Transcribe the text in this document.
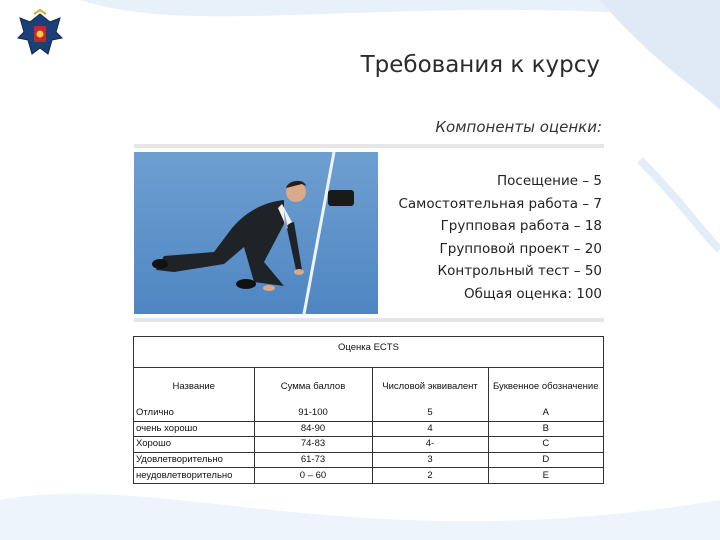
Требования к курсу
Компоненты оценки:
Посещение – 5
Самостоятельная работа – 7
Групповая работа – 18
Групповой проект – 20
Контрольный тест – 50
Общая оценка: 100
Оценка ECTS
Название	Сумма баллов	Числовой эквивалент	Буквенное обозначение
Отлично	91-100	5	A
очень хорошо	84-90	4	B
Хорошо	74-83	4-	C
Удовлетворительно	61-73	3	D
неудовлетворительно	0 – 60	2	E
